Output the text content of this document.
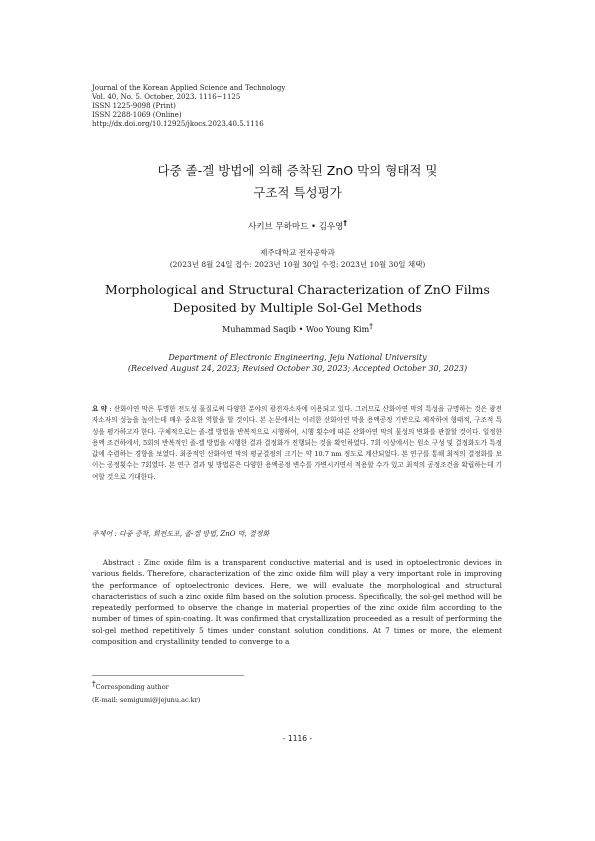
Journal of the Korean Applied Science and Technology
Vol. 40, No. 5. October, 2023. 1116~1125
ISSN 1225-9098 (Print)
ISSN 2288-1069 (Online)
http://dx.doi.org/10.12925/jkocs.2023.40.5.1116
다중 졸-겔 방법에 의해 증착된 ZnO 막의 형태적 및
구조적 특성평가
사키브 무하마드 • 김우영†
제주대학교 전자공학과
(2023년 8월 24일 접수: 2023년 10월 30일 수정: 2023년 10월 30일 채택)
Morphological and Structural Characterization of ZnO Films
Deposited by Multiple Sol-Gel Methods
Muhammad Saqib • Woo Young Kim†
Department of Electronic Engineering, Jeju National University
(Received August 24, 2023; Revised October 30, 2023; Accepted October 30, 2023)
요 약 : 산화아연 막은 투명한 전도성 물질로써 다양한 분야의 광전자소자에 이용되고 있다. 그러므로 산화아연 막의 특성을 규명하는 것은 광전자소자의 성능을 높이는데 매우 중요한 역할을 할 것이다. 본 논문에서는 이러한 산화아연 막을 용액공정 기반으로 제작하여 형태적, 구조적 특성을 평가하고자 한다. 구체적으로는 졸-겔 방법을 반복적으로 시행하여, 시행 횟수에 따른 산화아연 막의 물성의 변화를 관찰할 것이다. 일정한 용액 조건하에서, 5회의 반복적인 졸-겔 방법을 시행한 결과 결정화가 진행되는 것을 확인하였다. 7회 이상에서는 원소 구성 및 결정화도가 특정 값에 수렴하는 경향을 보였다. 최종적인 산화아연 막의 평균결정의 크기는 약 10.7 nm 정도로 계산되었다. 본 연구를 통해 최적의 결정화를 보이는 공정횟수는 7회였다. 본 연구 결과 및 방법론은 다양한 용액공정 변수를 가변시키면서 적용할 수가 있고 최적의 공정조건을 확립하는데 기여할 것으로 기대한다.
주제어 : 다중 증착, 회전도포, 졸-겔 방법, ZnO 막, 결정화
Abstract : Zinc oxide film is a transparent conductive material and is used in optoelectronic devices in various fields. Therefore, characterization of the zinc oxide film will play a very important role in improving the performance of optoelectronic devices. Here, we will evaluate the morphological and structural characteristics of such a zinc oxide film based on the solution process. Specifically, the sol-gel method will be repeatedly performed to observe the change in material properties of the zinc oxide film according to the number of times of spin-coating. It was confirmed that crystallization proceeded as a result of performing the sol-gel method repetitively 5 times under constant solution conditions. At 7 times or more, the element composition and crystallinity tended to converge to a
†Corresponding author
(E-mail: semigumi@jejunu.ac.kr)
- 1116 -
